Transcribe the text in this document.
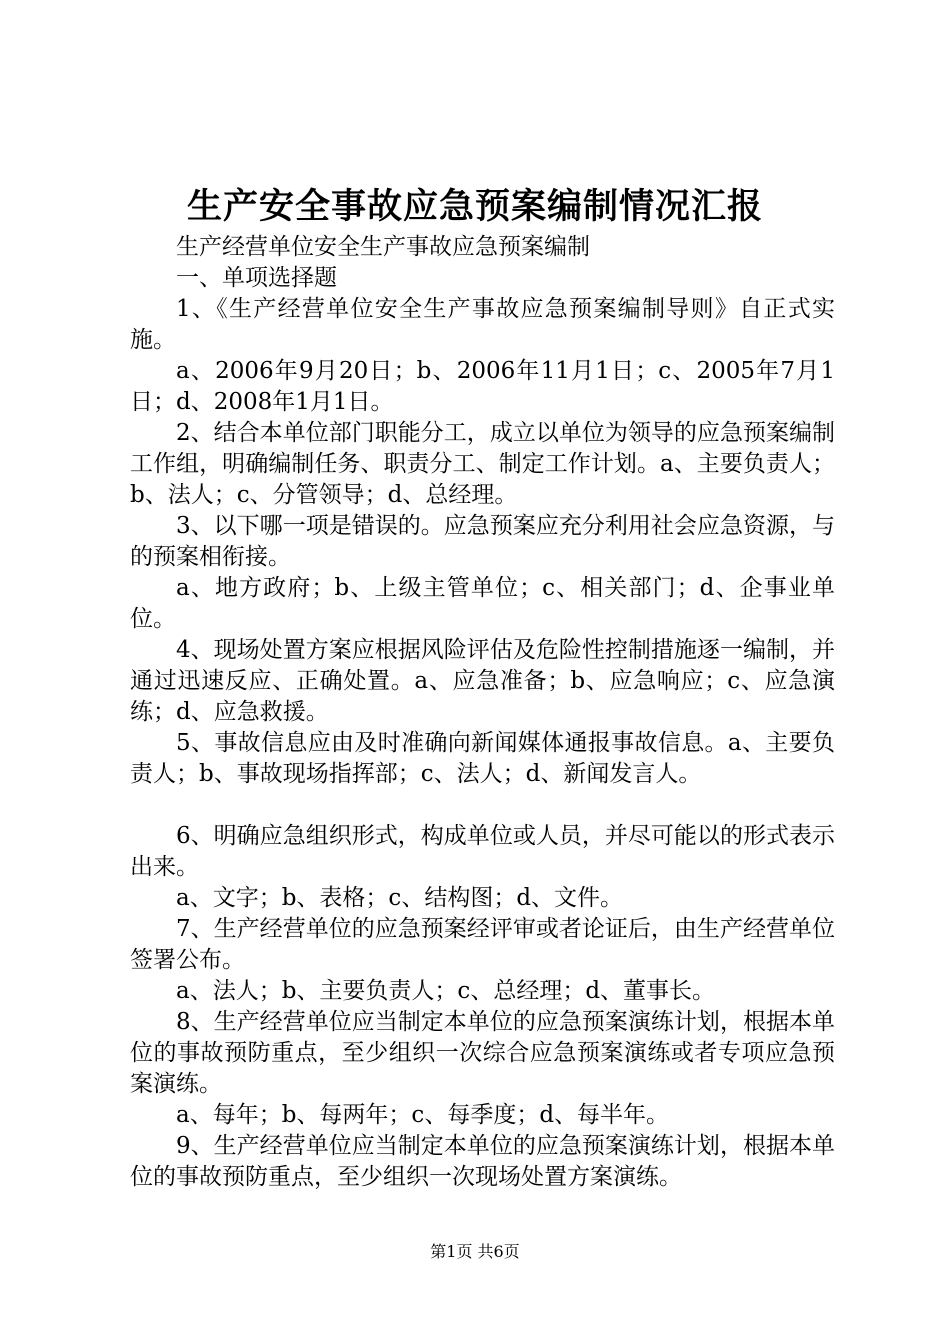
生产安全事故应急预案编制情况汇报

生产经营单位安全生产事故应急预案编制

一、单项选择题

1、《生产经营单位安全生产事故应急预案编制导则》自正式实施。

a、2006年9月20日；b、2006年11月1日；c、2005年7月1日；d、2008年1月1日。

2、结合本单位部门职能分工，成立以单位为领导的应急预案编制工作组，明确编制任务、职责分工、制定工作计划。a、主要负责人；b、法人；c、分管领导；d、总经理。

3、以下哪一项是错误的。应急预案应充分利用社会应急资源，与的预案相衔接。

a、地方政府；b、上级主管单位；c、相关部门；d、企事业单位。

4、现场处置方案应根据风险评估及危险性控制措施逐一编制，并通过迅速反应、正确处置。a、应急准备；b、应急响应；c、应急演练；d、应急救援。

5、事故信息应由及时准确向新闻媒体通报事故信息。a、主要负责人；b、事故现场指挥部；c、法人；d、新闻发言人。

6、明确应急组织形式，构成单位或人员，并尽可能以的形式表示出来。

a、文字；b、表格；c、结构图；d、文件。

7、生产经营单位的应急预案经评审或者论证后，由生产经营单位签署公布。

a、法人；b、主要负责人；c、总经理；d、董事长。

8、生产经营单位应当制定本单位的应急预案演练计划，根据本单位的事故预防重点，至少组织一次综合应急预案演练或者专项应急预案演练。

a、每年；b、每两年；c、每季度；d、每半年。

9、生产经营单位应当制定本单位的应急预案演练计划，根据本单位的事故预防重点，至少组织一次现场处置方案演练。

第1页 共6页
